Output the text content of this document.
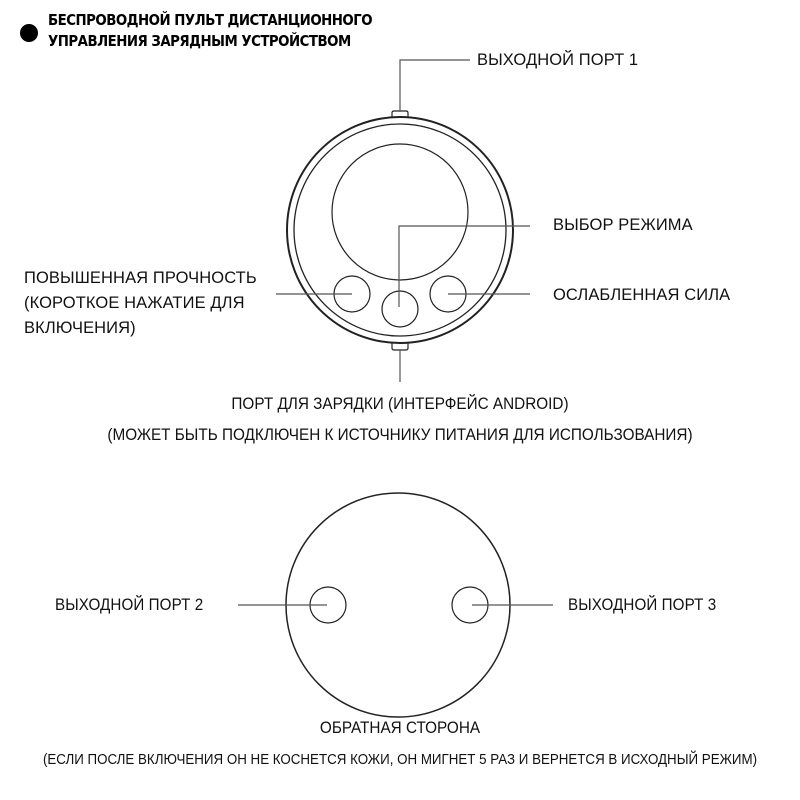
БЕСПРОВОДНОЙ ПУЛЬТ ДИСТАНЦИОННОГО
УПРАВЛЕНИЯ ЗАРЯДНЫМ УСТРОЙСТВОМ
ВЫХОДНОЙ ПОРТ 1
ВЫБОР РЕЖИМА
ПОВЫШЕННАЯ ПРОЧНОСТЬ
(КОРОТКОЕ НАЖАТИЕ ДЛЯ
ВКЛЮЧЕНИЯ)
ОСЛАБЛЕННАЯ СИЛА
ПОРТ ДЛЯ ЗАРЯДКИ (ИНТЕРФЕЙС ANDROID)
(МОЖЕТ БЫТЬ ПОДКЛЮЧЕН К ИСТОЧНИКУ ПИТАНИЯ ДЛЯ ИСПОЛЬЗОВАНИЯ)
ВЫХОДНОЙ ПОРТ 2	ВЫХОДНОЙ ПОРТ 3
ОБРАТНАЯ СТОРОНА
(ЕСЛИ ПОСЛЕ ВКЛЮЧЕНИЯ ОН НЕ КОСНЕТСЯ КОЖИ, ОН МИГНЕТ 5 РАЗ И ВЕРНЕТСЯ В ИСХОДНЫЙ РЕЖИМ)
